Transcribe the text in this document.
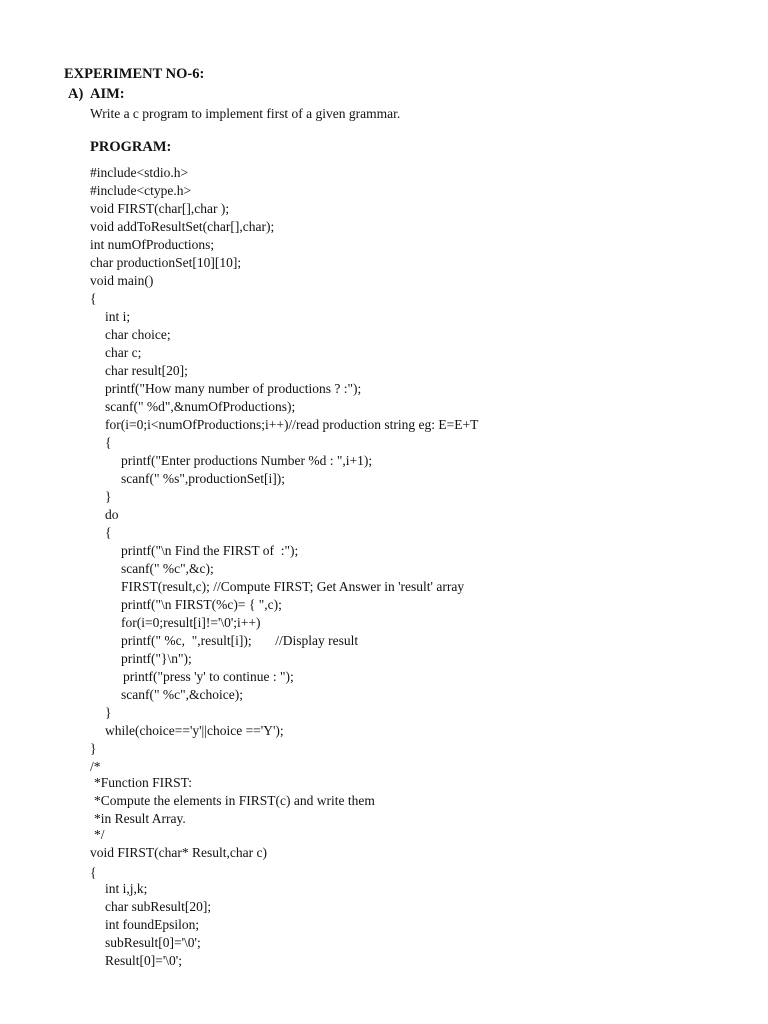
EXPERIMENT NO-6:
A) AIM:
Write a c program to implement first of a given grammar.
PROGRAM:
#include<stdio.h>
#include<ctype.h>
void FIRST(char[],char );
void addToResultSet(char[],char);
int numOfProductions;
char productionSet[10][10];
void main()
{
int i;
char choice;
char c;
char result[20];
printf("How many number of productions ? :");
scanf(" %d",&numOfProductions);
for(i=0;i<numOfProductions;i++)//read production string eg: E=E+T
{
printf("Enter productions Number %d : ",i+1);
scanf(" %s",productionSet[i]);
}
do
{
printf("\n Find the FIRST of  :");
scanf(" %c",&c);
FIRST(result,c); //Compute FIRST; Get Answer in 'result' array
printf("\n FIRST(%c)= { ",c);
for(i=0;result[i]!='\0';i++)
printf(" %c,  ",result[i]);       //Display result
printf("}\n");
printf("press 'y' to continue : ");
scanf(" %c",&choice);
}
while(choice=='y'||choice =='Y');
}
/*
*Function FIRST:
*Compute the elements in FIRST(c) and write them
*in Result Array.
*/
void FIRST(char* Result,char c)
{
int i,j,k;
char subResult[20];
int foundEpsilon;
subResult[0]='\0';
Result[0]='\0';
